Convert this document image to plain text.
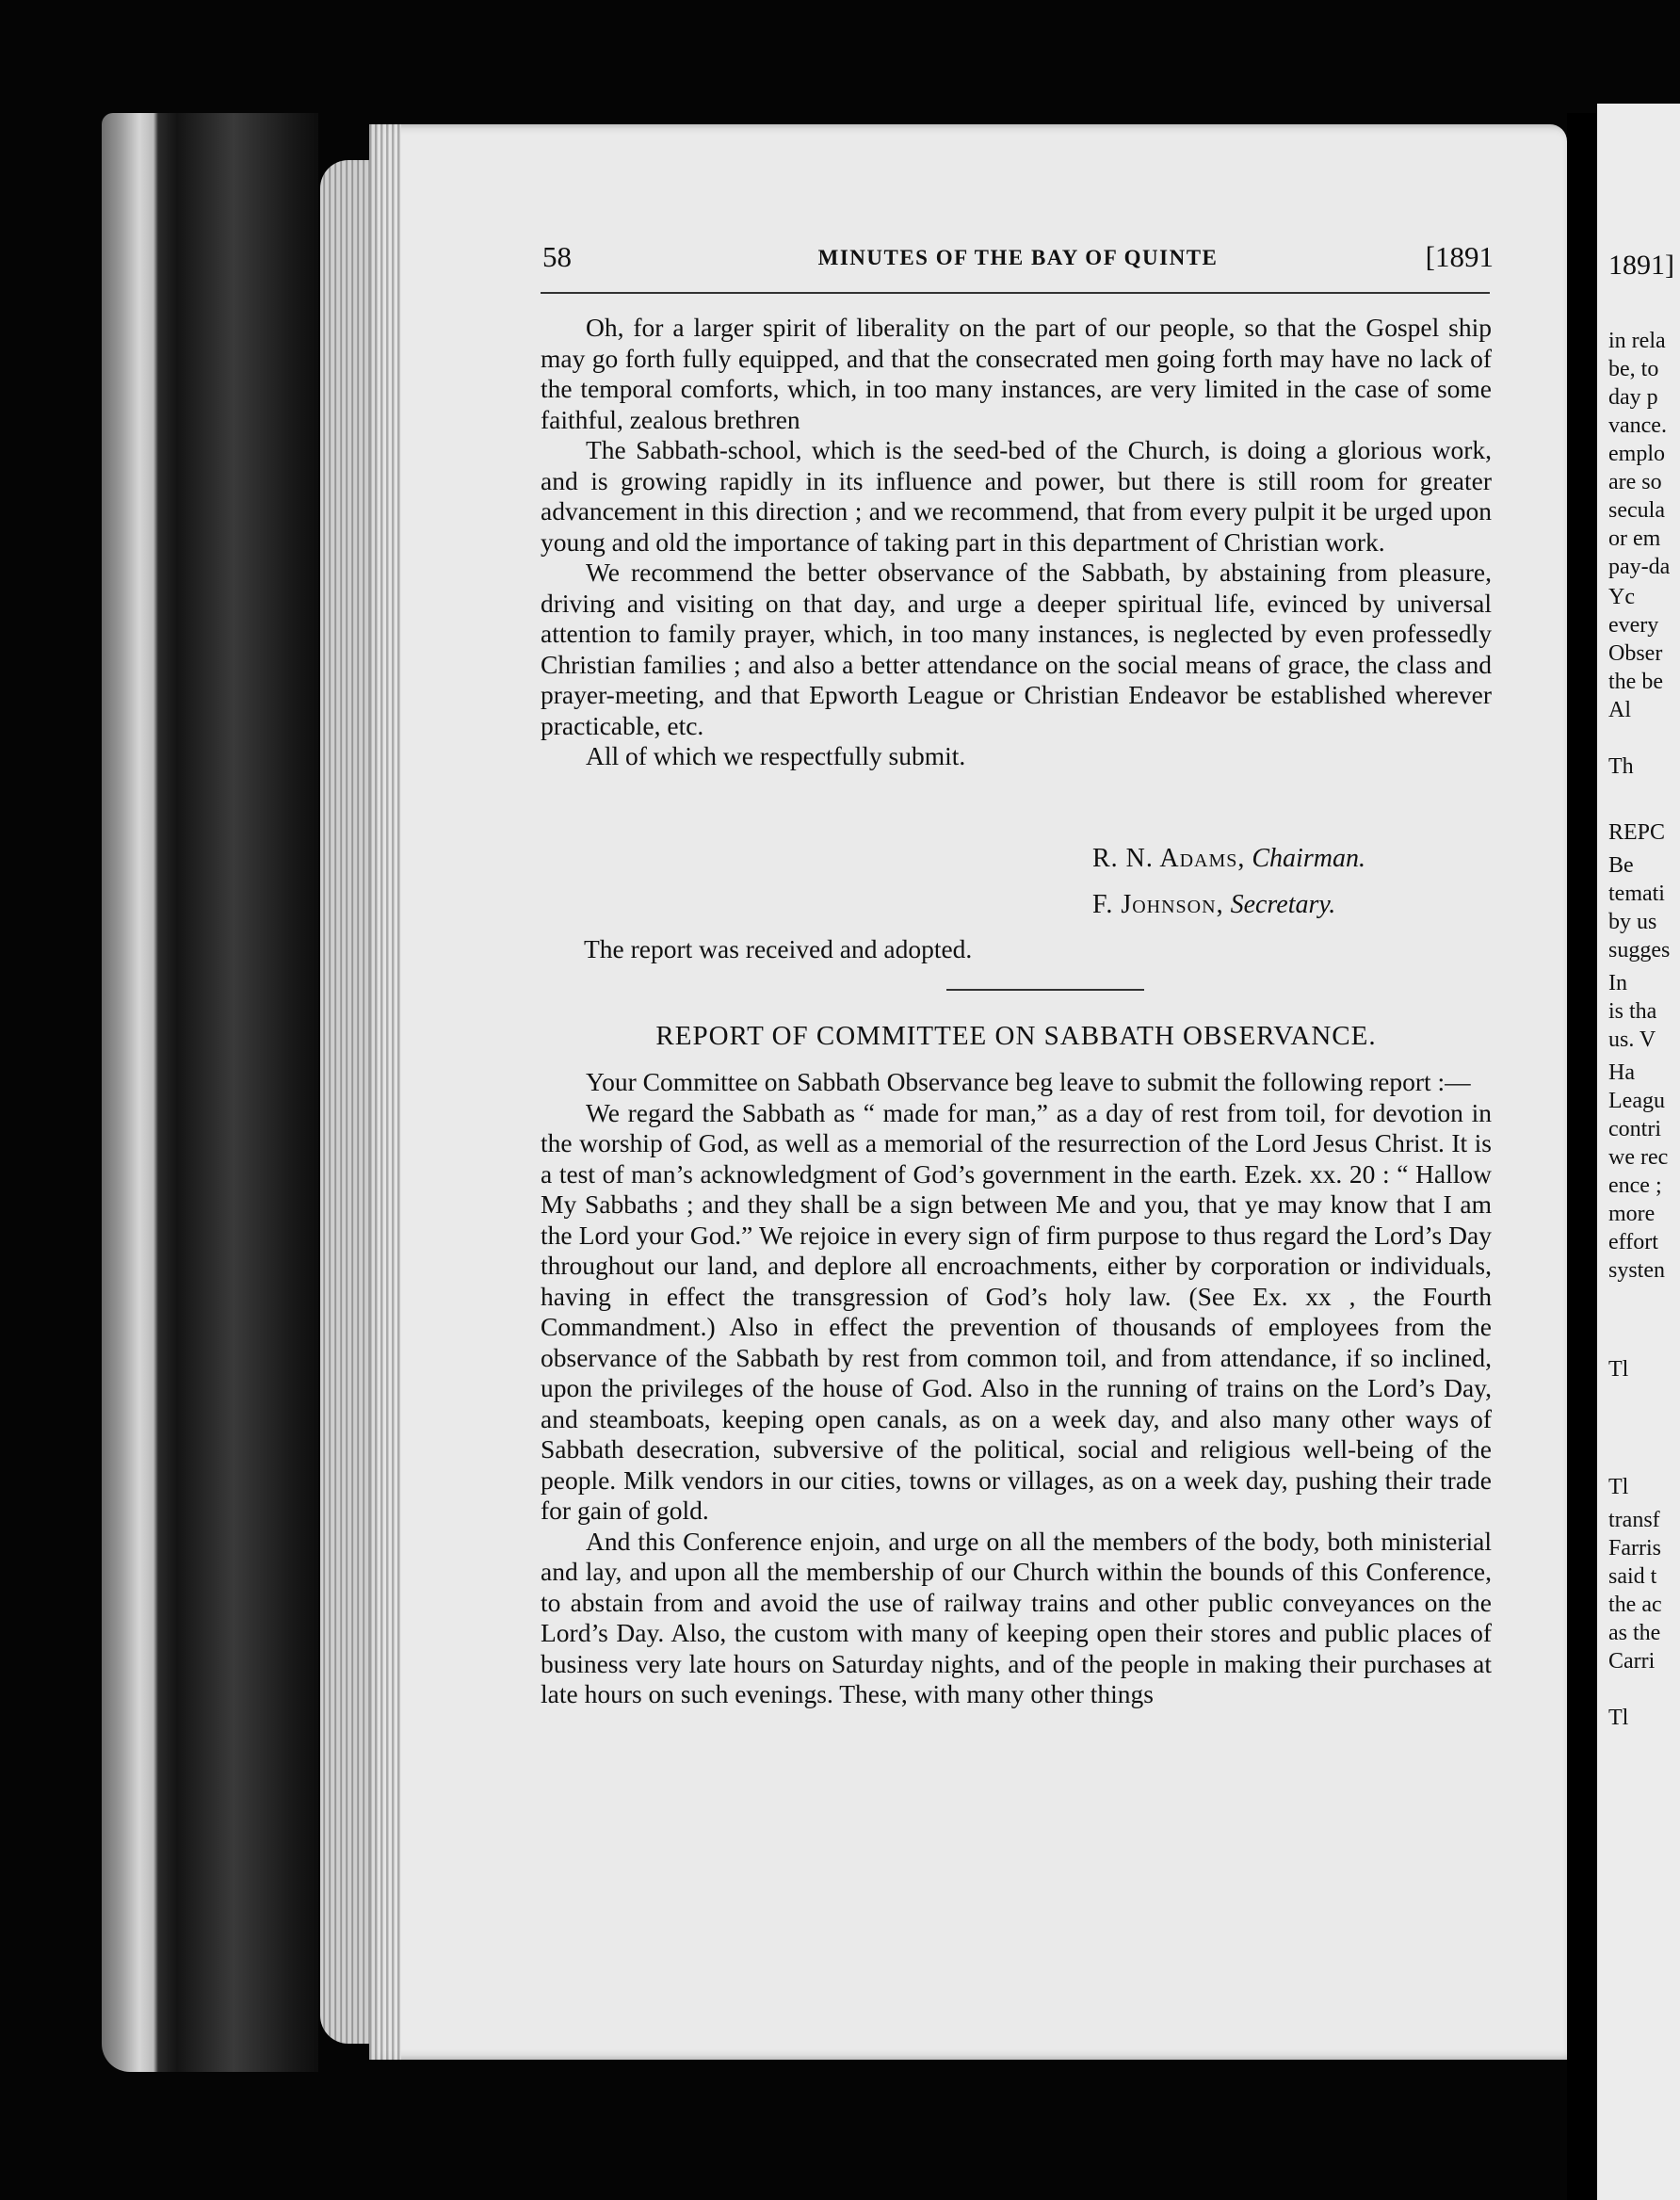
1891]
in rela
be, to
day p
vance.
emplo
are so
secula
or em
pay-da
Yc
every
Obser
the be
Al
Th
REPC
Be
temati
by us
sugges
In
is tha
us. V
Ha
Leagu
contri
we rec
ence ;
more
effort
systen
Tl
Tl
transf
Farris
said t
the ac
as the
Carri
Tl
58	MINUTES OF THE BAY OF QUINTE	[1891

Oh, for a larger spirit of liberality on the part of our people, so that the Gospel ship may go forth fully equipped, and that the consecrated men going forth may have no lack of the temporal comforts, which, in too many instances, are very limited in the case of some faithful, zealous brethren

The Sabbath-school, which is the seed-bed of the Church, is doing a glorious work, and is growing rapidly in its influence and power, but there is still room for greater advancement in this direction ; and we recommend, that from every pulpit it be urged upon young and old the importance of taking part in this department of Christian work.

We recommend the better observance of the Sabbath, by abstaining from pleasure, driving and visiting on that day, and urge a deeper spiritual life, evinced by universal attention to family prayer, which, in too many instances, is neglected by even professedly Christian families ; and also a better attendance on the social means of grace, the class and prayer-meeting, and that Epworth League or Christian Endeavor be established wherever practicable, etc.

All of which we respectfully submit.

R. N. Adams, Chairman.
F. Johnson, Secretary.
The report was received and adopted.
REPORT OF COMMITTEE ON SABBATH OBSERVANCE.

Your Committee on Sabbath Observance beg leave to submit the following report :—

We regard the Sabbath as “ made for man,” as a day of rest from toil, for devotion in the worship of God, as well as a memorial of the resurrection of the Lord Jesus Christ. It is a test of man’s acknowledgment of God’s government in the earth. Ezek. xx. 20 : “ Hallow My Sabbaths ; and they shall be a sign between Me and you, that ye may know that I am the Lord your God.” We rejoice in every sign of firm purpose to thus regard the Lord’s Day throughout our land, and deplore all encroachments, either by corporation or individuals, having in effect the transgression of God’s holy law. (See Ex. xx , the Fourth Commandment.) Also in effect the prevention of thousands of employees from the observance of the Sabbath by rest from common toil, and from attendance, if so inclined, upon the privileges of the house of God. Also in the running of trains on the Lord’s Day, and steamboats, keeping open canals, as on a week day, and also many other ways of Sabbath desecration, subversive of the political, social and religious well-being of the people. Milk vendors in our cities, towns or villages, as on a week day, pushing their trade for gain of gold.

And this Conference enjoin, and urge on all the members of the body, both ministerial and lay, and upon all the membership of our Church within the bounds of this Conference, to abstain from and avoid the use of railway trains and other public conveyances on the Lord’s Day. Also, the custom with many of keeping open their stores and public places of business very late hours on Saturday nights, and of the people in making their purchases at late hours on such evenings. These, with many other things
